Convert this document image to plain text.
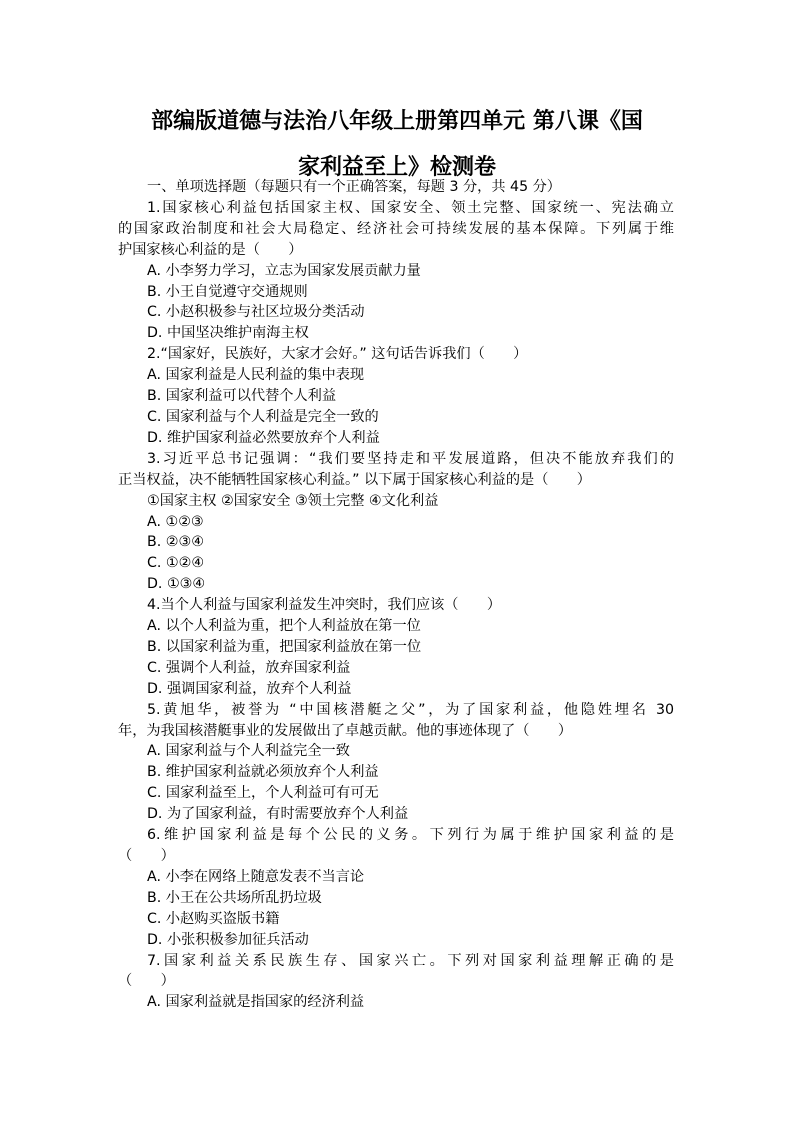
部编版道德与法治八年级上册第四单元 第八课《国
家利益至上》检测卷
一、单项选择题（每题只有一个正确答案，每题 3 分，共 45 分）
1.国家核心利益包括国家主权、国家安全、领土完整、国家统一、宪法确立
的国家政治制度和社会大局稳定、经济社会可持续发展的基本保障。下列属于维
护国家核心利益的是（　　）
A. 小李努力学习，立志为国家发展贡献力量
B. 小王自觉遵守交通规则
C. 小赵积极参与社区垃圾分类活动
D. 中国坚决维护南海主权
2.“国家好，民族好，大家才会好。” 这句话告诉我们（　　）
A. 国家利益是人民利益的集中表现
B. 国家利益可以代替个人利益
C. 国家利益与个人利益是完全一致的
D. 维护国家利益必然要放弃个人利益
3.习近平总书记强调：“我们要坚持走和平发展道路，但决不能放弃我们的
正当权益，决不能牺牲国家核心利益。” 以下属于国家核心利益的是（　　）
①国家主权 ②国家安全 ③领土完整 ④文化利益
A. ①②③
B. ②③④
C. ①②④
D. ①③④
4.当个人利益与国家利益发生冲突时，我们应该（　　）
A. 以个人利益为重，把个人利益放在第一位
B. 以国家利益为重，把国家利益放在第一位
C. 强调个人利益，放弃国家利益
D. 强调国家利益，放弃个人利益
5.黄旭华，被誉为 “中国核潜艇之父”，为了国家利益，他隐姓埋名 30
年，为我国核潜艇事业的发展做出了卓越贡献。他的事迹体现了（　　）
A. 国家利益与个人利益完全一致
B. 维护国家利益就必须放弃个人利益
C. 国家利益至上，个人利益可有可无
D. 为了国家利益，有时需要放弃个人利益
6.维护国家利益是每个公民的义务。下列行为属于维护国家利益的是
（　　）
A. 小李在网络上随意发表不当言论
B. 小王在公共场所乱扔垃圾
C. 小赵购买盗版书籍
D. 小张积极参加征兵活动
7.国家利益关系民族生存、国家兴亡。下列对国家利益理解正确的是
（　　）
A. 国家利益就是指国家的经济利益
